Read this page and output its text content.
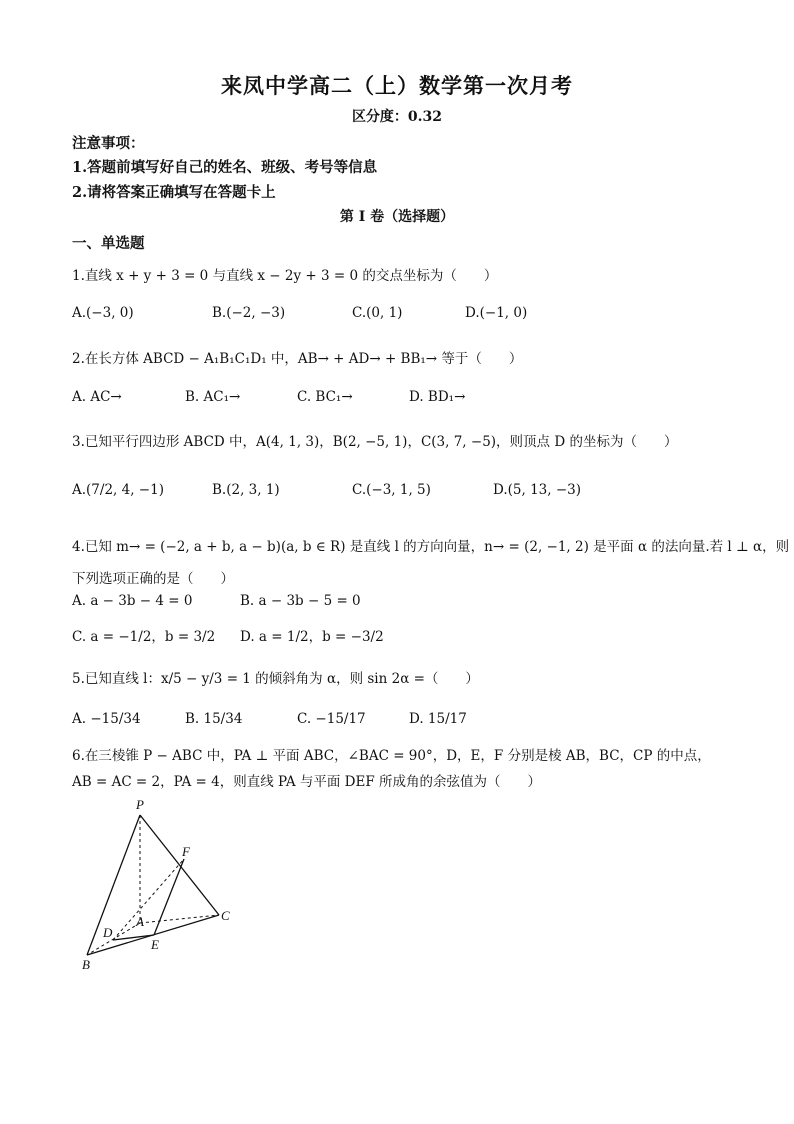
来凤中学高二（上）数学第一次月考
区分度：0.32
注意事项：
1.答题前填写好自己的姓名、班级、考号等信息
2.请将答案正确填写在答题卡上
第 I 卷（选择题）
一、单选题
1.直线 x + y + 3 = 0 与直线 x − 2y + 3 = 0 的交点坐标为（　　）
A.(−3, 0)	B.(−2, −3)	C.(0, 1)	D.(−1, 0)
2.在长方体 ABCD − A₁B₁C₁D₁ 中，AB→ + AD→ + BB₁→ 等于（　　）
A. AC→	B. AC₁→	C. BC₁→	D. BD₁→
3.已知平行四边形 ABCD 中，A(4, 1, 3)，B(2, −5, 1)，C(3, 7, −5)，则顶点 D 的坐标为（　　）
A.(7/2, 4, −1)	B.(2, 3, 1)	C.(−3, 1, 5)	D.(5, 13, −3)
4.已知 m→ = (−2, a + b, a − b)(a, b ∈ R) 是直线 l 的方向向量，n→ = (2, −1, 2) 是平面 α 的法向量.若 l ⊥ α，则
下列选项正确的是（　　）
A. a − 3b − 4 = 0	B. a − 3b − 5 = 0
C. a = −1/2，b = 3/2 D. a = 1/2，b = −3/2
5.已知直线 l：x/5 − y/3 = 1 的倾斜角为 α，则 sin 2α =（　　）
A. −15/34	B. 15/34	C. −15/17	D. 15/17
6.在三棱锥 P − ABC 中，PA ⊥ 平面 ABC，∠BAC = 90°，D，E，F 分别是棱 AB，BC，CP 的中点，
AB = AC = 2，PA = 4，则直线 PA 与平面 DEF 所成角的余弦值为（　　）
P
F
C
A
D
E
B
